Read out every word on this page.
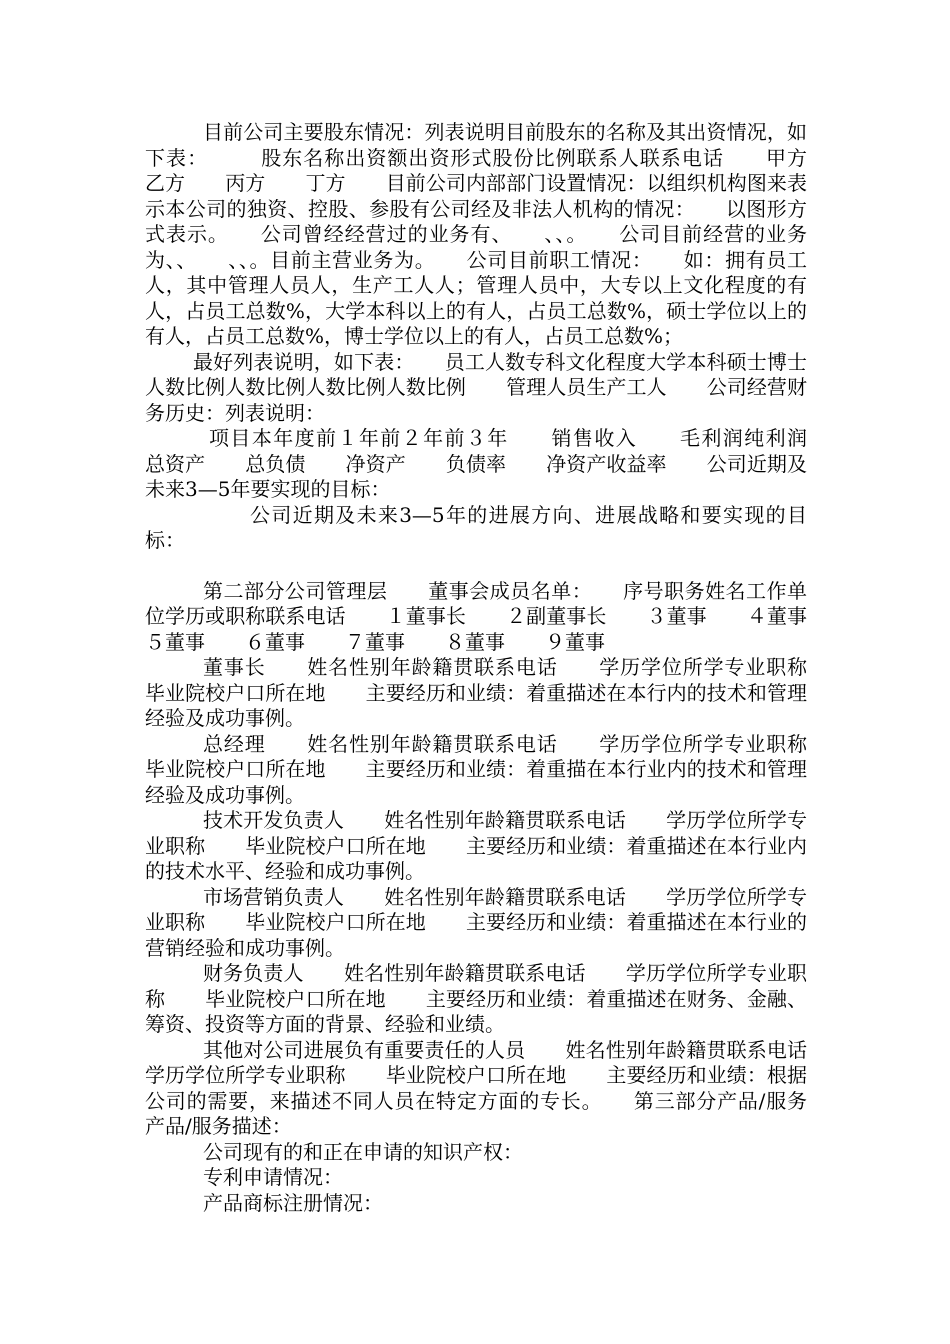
目前公司主要股东情况：列表说明目前股东的名称及其出资情况，如下表：　　　股东名称出资额出资形式股份比例联系人联系电话　　甲方　　乙方　　丙方　　丁方　　目前公司内部部门设置情况：以组织机构图来表示本公司的独资、控股、参股有公司经及非法人机构的情况：　　以图形方式表示。　　公司曾经经营过的业务有、　　、、。　　公司目前经营的业务为、、　　、、。目前主营业务为。　　公司目前职工情况：　　如：拥有员工人，其中管理人员人，生产工人人；管理人员中，大专以上文化程度的有人，占员工总数%，大学本科以上的有人，占员工总数%，硕士学位以上的有人，占员工总数%，博士学位以上的有人，占员工总数%；

最好列表说明，如下表：　　员工人数专科文化程度大学本科硕士博士　　人数比例人数比例人数比例人数比例　　管理人员生产工人　　公司经营财务历史：列表说明：

项目本年度前１年前２年前３年　　销售收入　　毛利润纯利润　　总资产　　总负债　　净资产　　负债率　　净资产收益率　　公司近期及未来3—5年要实现的目标：

公司近期及未来3—5年的进展方向、进展战略和要实现的目标：

第二部分公司管理层　　董事会成员名单：　　序号职务姓名工作单位学历或职称联系电话　　１董事长　　２副董事长　　３董事　　４董事　　５董事　　６董事　　７董事　　８董事　　９董事

董事长　　姓名性别年龄籍贯联系电话　　学历学位所学专业职称　　毕业院校户口所在地　　主要经历和业绩：着重描述在本行内的技术和管理经验及成功事例。

总经理　　姓名性别年龄籍贯联系电话　　学历学位所学专业职称　　毕业院校户口所在地　　主要经历和业绩：着重描在本行业内的技术和管理经验及成功事例。

技术开发负责人　　姓名性别年龄籍贯联系电话　　学历学位所学专业职称　　毕业院校户口所在地　　主要经历和业绩：着重描述在本行业内的技术水平、经验和成功事例。

市场营销负责人　　姓名性别年龄籍贯联系电话　　学历学位所学专业职称　　毕业院校户口所在地　　主要经历和业绩：着重描述在本行业的营销经验和成功事例。

财务负责人　　姓名性别年龄籍贯联系电话　　学历学位所学专业职称　　毕业院校户口所在地　　主要经历和业绩：着重描述在财务、金融、筹资、投资等方面的背景、经验和业绩。

其他对公司进展负有重要责任的人员　　姓名性别年龄籍贯联系电话　　学历学位所学专业职称　　毕业院校户口所在地　　主要经历和业绩：根据公司的需要，来描述不同人员在特定方面的专长。　　第三部分产品/服务　　产品/服务描述：

公司现有的和正在申请的知识产权：

专利申请情况：

产品商标注册情况：
